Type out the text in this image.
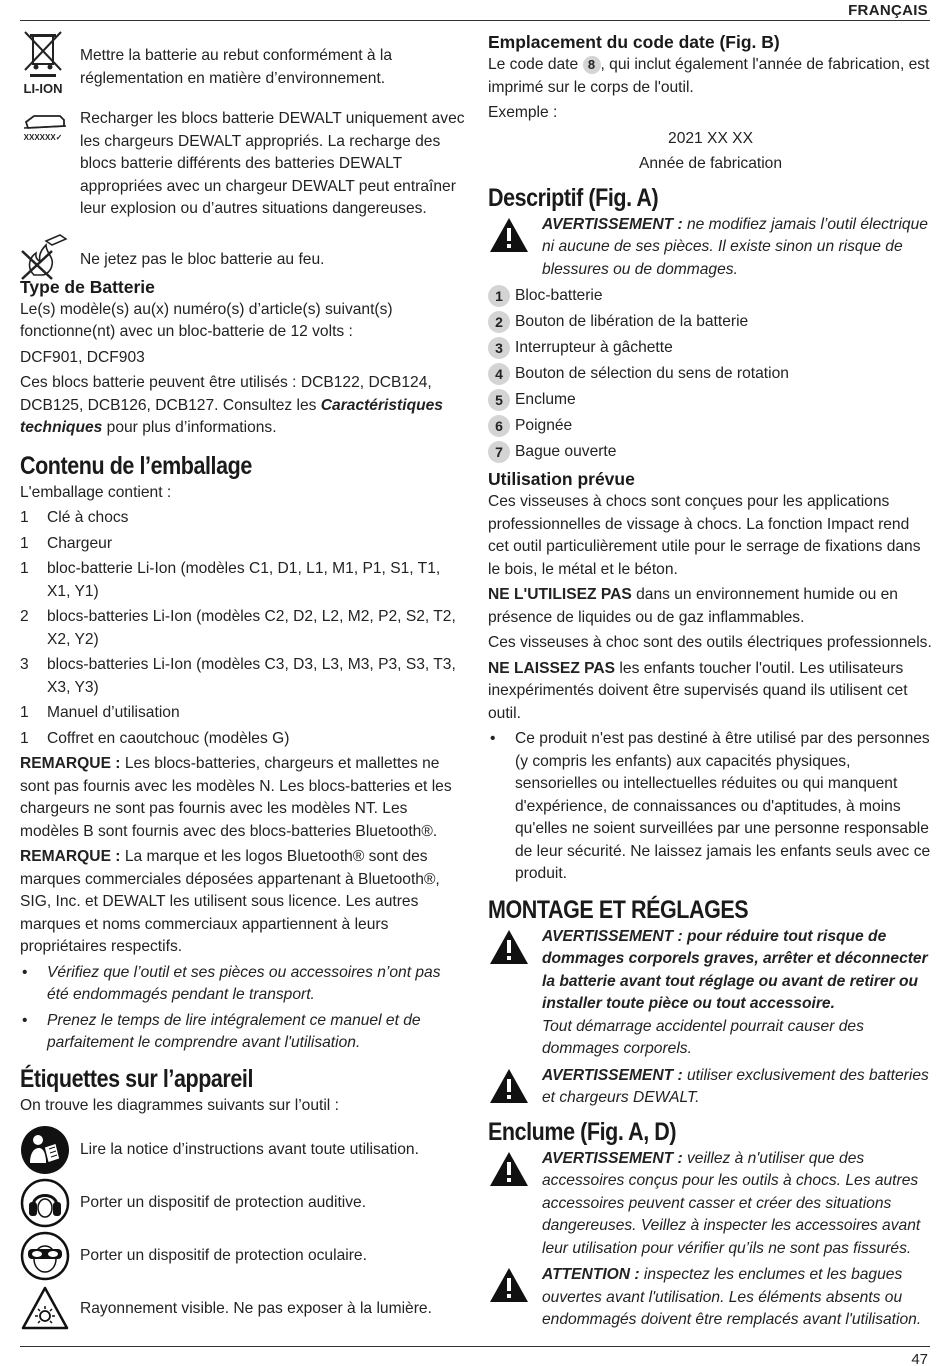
FRANÇAIS
LI-ION
Mettre la batterie au rebut conformément à la réglementation en matière d’environnement.
XXXXXX✓
Recharger les blocs batterie DEWALT uniquement avec les chargeurs DEWALT appropriés. La recharge des blocs batterie différents des batteries DEWALT appropriées avec un chargeur DEWALT peut entraîner leur explosion ou d’autres situations dangereuses.
Ne jetez pas le bloc batterie au feu.
Type de Batterie

Le(s) modèle(s) au(x) numéro(s) d’article(s) suivant(s) fonctionne(nt) avec un bloc-batterie de 12 volts :

DCF901, DCF903

Ces blocs batterie peuvent être utilisés : DCB122, DCB124, DCB125, DCB126, DCB127. Consultez les Caractéristiques techniques pour plus d’informations.

Contenu de l’emballage

L'emballage contient :

1	Clé à chocs
1	Chargeur
1	bloc-batterie Li-Ion (modèles C1, D1, L1, M1, P1, S1, T1, X1, Y1)
2	blocs-batteries Li-Ion (modèles C2, D2, L2, M2, P2, S2, T2, X2, Y2)
3	blocs-batteries Li-Ion (modèles C3, D3, L3, M3, P3, S3, T3, X3, Y3)
1	Manuel d’utilisation
1	Coffret en caoutchouc (modèles G)

REMARQUE : Les blocs-batteries, chargeurs et mallettes ne sont pas fournis avec les modèles N. Les blocs-batteries et les chargeurs ne sont pas fournis avec les modèles NT. Les modèles B sont fournis avec des blocs-batteries Bluetooth®.

REMARQUE : La marque et les logos Bluetooth® sont des marques commerciales déposées appartenant à Bluetooth®, SIG, Inc. et DEWALT les utilisent sous licence. Les autres marques et noms commerciaux appartiennent à leurs propriétaires respectifs.

•	Vérifiez que l’outil et ses pièces ou accessoires n’ont pas été endommagés pendant le transport.
•	Prenez le temps de lire intégralement ce manuel et de parfaitement le comprendre avant l'utilisation.
Étiquettes sur l’appareil

On trouve les diagrammes suivants sur l’outil :

Lire la notice d’instructions avant toute utilisation.
Porter un dispositif de protection auditive.
Porter un dispositif de protection oculaire.
Rayonnement visible. Ne pas exposer à la lumière.
Emplacement du code date (Fig. B)

Le code date 8 , qui inclut également l'année de fabrication, est imprimé sur le corps de l'outil.

Exemple :

2021 XX XX

Année de fabrication

Descriptif (Fig. A)
AVERTISSEMENT : ne modifiez jamais l’outil électrique ni aucune de ses pièces. Il existe sinon un risque de blessures ou de dommages.
1 Bloc-batterie
2 Bouton de libération de la batterie
3 Interrupteur à gâchette
4 Bouton de sélection du sens de rotation
5 Enclume
6 Poignée
7 Bague ouverte
Utilisation prévue

Ces visseuses à chocs sont conçues pour les applications professionnelles de vissage à chocs. La fonction Impact rend cet outil particulièrement utile pour le serrage de fixations dans le bois, le métal et le béton.

NE L'UTILISEZ PAS dans un environnement humide ou en présence de liquides ou de gaz inflammables.

Ces visseuses à choc sont des outils électriques professionnels.

NE LAISSEZ PAS les enfants toucher l'outil. Les utilisateurs inexpérimentés doivent être supervisés quand ils utilisent cet outil.

•	Ce produit n'est pas destiné à être utilisé par des personnes (y compris les enfants) aux capacités physiques, sensorielles ou intellectuelles réduites ou qui manquent d'expérience, de connaissances ou d'aptitudes, à moins qu'elles ne soient surveillées par une personne responsable de leur sécurité. Ne laissez jamais les enfants seuls avec ce produit.
MONTAGE ET RÉGLAGES
AVERTISSEMENT : pour réduire tout risque de dommages corporels graves, arrêter et déconnecter la batterie avant tout réglage ou avant de retirer ou installer toute pièce ou tout accessoire.
Tout démarrage accidentel pourrait causer des dommages corporels.
AVERTISSEMENT : utiliser exclusivement des batteries et chargeurs DEWALT.
Enclume (Fig. A, D)
AVERTISSEMENT : veillez à n'utiliser que des accessoires conçus pour les outils à chocs. Les autres accessoires peuvent casser et créer des situations dangereuses. Veillez à inspecter les accessoires avant leur utilisation pour vérifier qu’ils ne sont pas fissurés.
ATTENTION : inspectez les enclumes et les bagues ouvertes avant l'utilisation. Les éléments absents ou endommagés doivent être remplacés avant l'utilisation.
47
